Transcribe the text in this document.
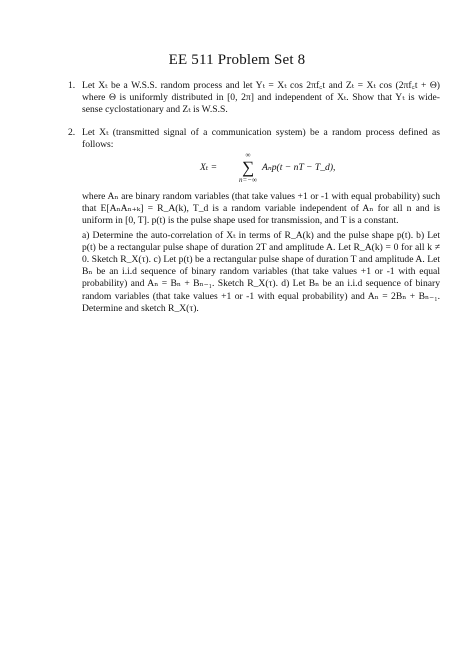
EE 511 Problem Set 8
1. Let Xₜ be a W.S.S. random process and let Yₜ = Xₜ cos 2πf꜀t and Zₜ = Xₜ cos (2πf꜀t + Θ) where Θ is uniformly distributed in [0, 2π] and independent of Xₜ. Show that Yₜ is wide-sense cyclostationary and Zₜ is W.S.S.

2. Let Xₜ (transmitted signal of a communication system) be a random process defined as follows:

Xₜ =
∞
∑
n=−∞
Aₙp(t − nT − T_d),

where Aₙ are binary random variables (that take values +1 or -1 with equal probability) such that E[AₙAₙ₊ₖ] = R_A(k), T_d is a random variable independent of Aₙ for all n and is uniform in [0, T]. p(t) is the pulse shape used for transmission, and T is a constant.

a) Determine the auto-correlation of Xₜ in terms of R_A(k) and the pulse shape p(t). b) Let p(t) be a rectangular pulse shape of duration 2T and amplitude A. Let R_A(k) = 0 for all k ≠ 0. Sketch R_X(τ). c) Let p(t) be a rectangular pulse shape of duration T and amplitude A. Let Bₙ be an i.i.d sequence of binary random variables (that take values +1 or -1 with equal probability) and Aₙ = Bₙ + Bₙ₋₁. Sketch R_X(τ). d) Let Bₙ be an i.i.d sequence of binary random variables (that take values +1 or -1 with equal probability) and Aₙ = 2Bₙ + Bₙ₋₁. Determine and sketch R_X(τ).
